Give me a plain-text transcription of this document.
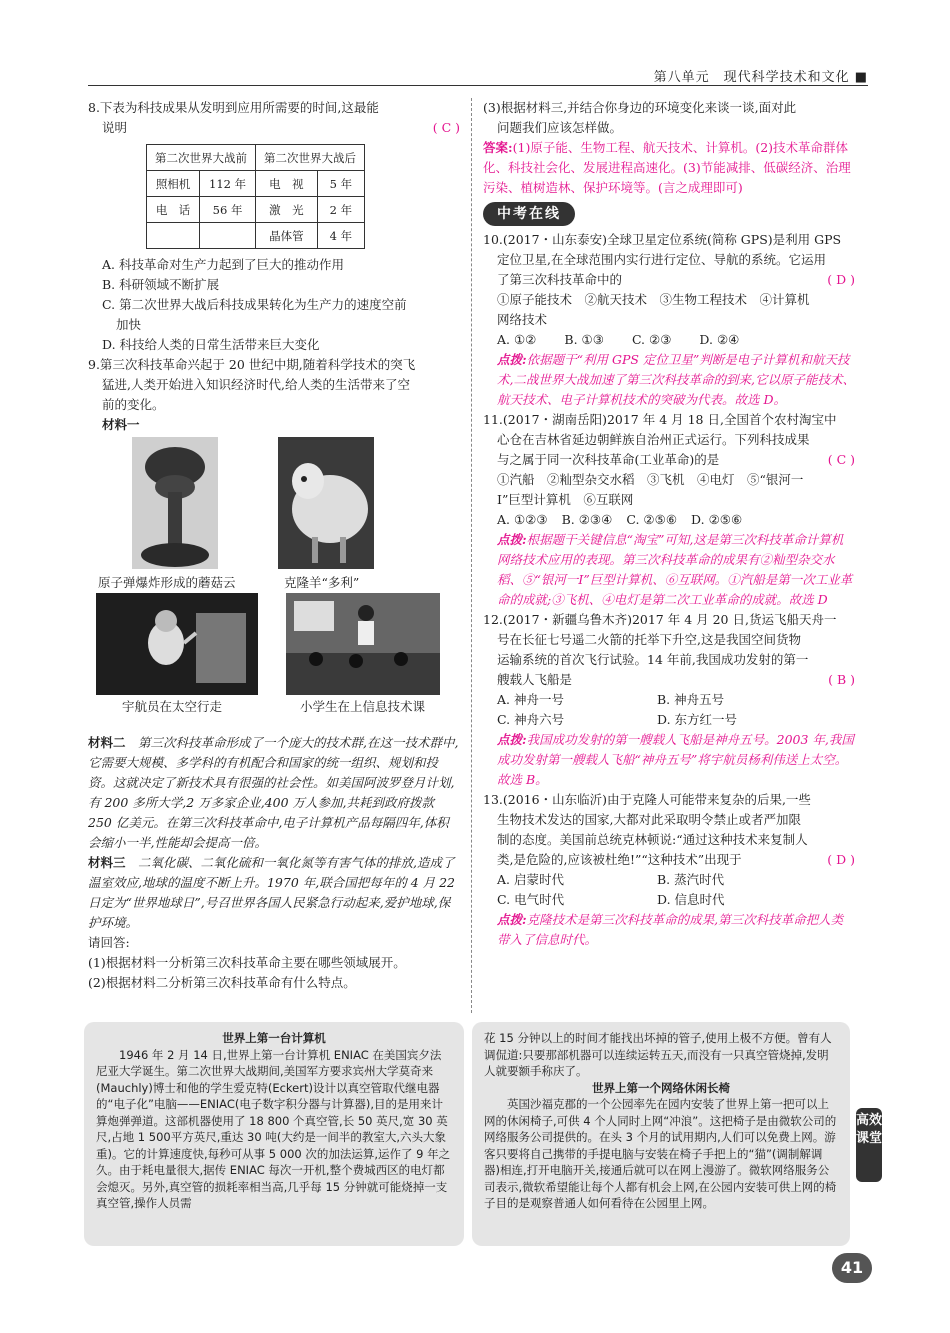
第八单元　现代科学技术和文化 ■

8.下表为科技成果从发明到应用所需要的时间,这最能

说明	( C )

第二次世界大战前		第二次世界大战后	
照相机	112 年	电　视	5 年
电　话	56 年	激　光	2 年
		晶体管	4 年

A. 科技革命对生产力起到了巨大的推动作用

B. 科研领域不断扩展

C. 第二次世界大战后科技成果转化为生产力的速度空前

加快

D. 科技给人类的日常生活带来巨大变化

9.第三次科技革命兴起于 20 世纪中期,随着科学技术的突飞

猛进,人类开始进入知识经济时代,给人类的生活带来了空

前的变化。

材料一

原子弹爆炸形成的蘑菇云	克隆羊“多利”

宇航员在太空行走	小学生在上信息技术课

材料二　 第三次科技革命形成了一个庞大的技术群,在这一技术群中,它需要大规模、多学科的有机配合和国家的统一组织、规划和投资。这就决定了新技术具有很强的社会性。如美国阿波罗登月计划,有 200 多所大学,2 万多家企业,400 万人参加,共耗到政府拨款 250 亿美元。在第三次科技革命中,电子计算机产品每隔四年,体积会缩小一半,性能却会提高一倍。

材料三　 二氧化碳、二氧化硫和一氧化氮等有害气体的排放,造成了温室效应,地球的温度不断上升。1970 年,联合国把每年的 4 月 22 日定为“世界地球日”,号召世界各国人民紧急行动起来,爱护地球,保护环境。

请回答:

(1)根据材料一分析第三次科技革命主要在哪些领域展开。

(2)根据材料二分析第三次科技革命有什么特点。

(3)根据材料三,并结合你身边的环境变化来谈一谈,面对此

问题我们应该怎样做。

答案:(1)原子能、生物工程、航天技术、计算机。(2)技术革命群体化、科技社会化、发展进程高速化。(3)节能减排、低碳经济、治理污染、植树造林、保护环境等。(言之成理即可)

中考在线

10.(2017・山东泰安)全球卫星定位系统(简称 GPS)是利用 GPS

定位卫星,在全球范围内实行进行定位、导航的系统。它运用

了第三次科技革命中的	( D )

①原子能技术　②航天技术　③生物工程技术　④计算机

网络技术

A. ①② B. ①③ C. ②③ D. ②④

点拨:依据题干“利用 GPS 定位卫星”判断是电子计算机和航天技术,二战世界大战加速了第三次科技革命的到来,它以原子能技术、航天技术、电子计算机技术的突破为代表。故选 D。

11.(2017・湖南岳阳)2017 年 4 月 18 日,全国首个农村淘宝中

心仓在吉林省延边朝鲜族自治州正式运行。下列科技成果

与之属于同一次科技革命(工业革命)的是	( C )

①汽船　②籼型杂交水稻　③飞机　④电灯　⑤“银河一

Ⅰ”巨型计算机　⑥互联网

A. ①②③ B. ②③④ C. ②⑤⑥ D. ②⑤⑥

点拨:根据题干关键信息“淘宝”可知,这是第三次科技革命计算机网络技术应用的表现。第三次科技革命的成果有②籼型杂交水稻、⑤“银河一Ⅰ”巨型计算机、⑥互联网。①汽船是第一次工业革命的成就;③飞机、④电灯是第二次工业革命的成就。故选 D

12.(2017・新疆乌鲁木齐)2017 年 4 月 20 日,货运飞船天舟一

号在长征七号遥二火箭的托举下升空,这是我国空间货物

运输系统的首次飞行试验。14 年前,我国成功发射的第一

艘载人飞船是	( B )

A. 神舟一号	B. 神舟五号

C. 神舟六号	D. 东方红一号

点拨:我国成功发射的第一艘载人飞船是神舟五号。2003 年,我国成功发射第一艘载人飞船“神舟五号”将宇航员杨利伟送上太空。故选 B。

13.(2016・山东临沂)由于克隆人可能带来复杂的后果,一些

生物技术发达的国家,大都对此采取明令禁止或者严加限

制的态度。美国前总统克林顿说:“通过这种技术来复制人

类,是危险的,应该被杜绝!”“这种技术”出现于	( D )

A. 启蒙时代	B. 蒸汽时代

C. 电气时代	D. 信息时代

点拨:克隆技术是第三次科技革命的成果,第三次科技革命把人类带入了信息时代。

世界上第一台计算机

1946 年 2 月 14 日,世界上第一台计算机 ENIAC 在美国宾夕法尼亚大学诞生。第二次世界大战期间,美国军方要求宾州大学莫奇来(Mauchly)博士和他的学生爱克特(Eckert)设计以真空管取代继电器的“电子化”电脑——ENIAC(电子数字积分器与计算器),目的是用来计算炮弹弹道。这部机器使用了 18 800 个真空管,长 50 英尺,宽 30 英尺,占地 1 500平方英尺,重达 30 吨(大约是一间半的教室大,六头大象重)。它的计算速度快,每秒可从事 5 000 次的加法运算,运作了 9 年之久。由于耗电量很大,据传 ENIAC 每次一开机,整个费城西区的电灯都会熄灭。另外,真空管的损耗率相当高,几乎每 15 分钟就可能烧掉一支真空管,操作人员需

花 15 分钟以上的时间才能找出坏掉的管子,使用上极不方便。曾有人调侃道:只要那部机器可以连续运转五天,而没有一只真空管烧掉,发明人就要额手称庆了。

世界上第一个网络休闲长椅

英国沙福克郡的一个公园率先在园内安装了世界上第一把可以上网的休闲椅子,可供 4 个人同时上网“冲浪”。这把椅子是由微软公司的网络服务公司提供的。在头 3 个月的试用期内,人们可以免费上网。游客只要将自己携带的手提电脑与安装在椅子手把上的“猫”(调制解调器)相连,打开电脑开关,接通后就可以在网上漫游了。微软网络服务公司表示,微软希望能让每个人都有机会上网,在公园内安装可供上网的椅子目的是观察普通人如何看待在公园里上网。

高效课堂
41
